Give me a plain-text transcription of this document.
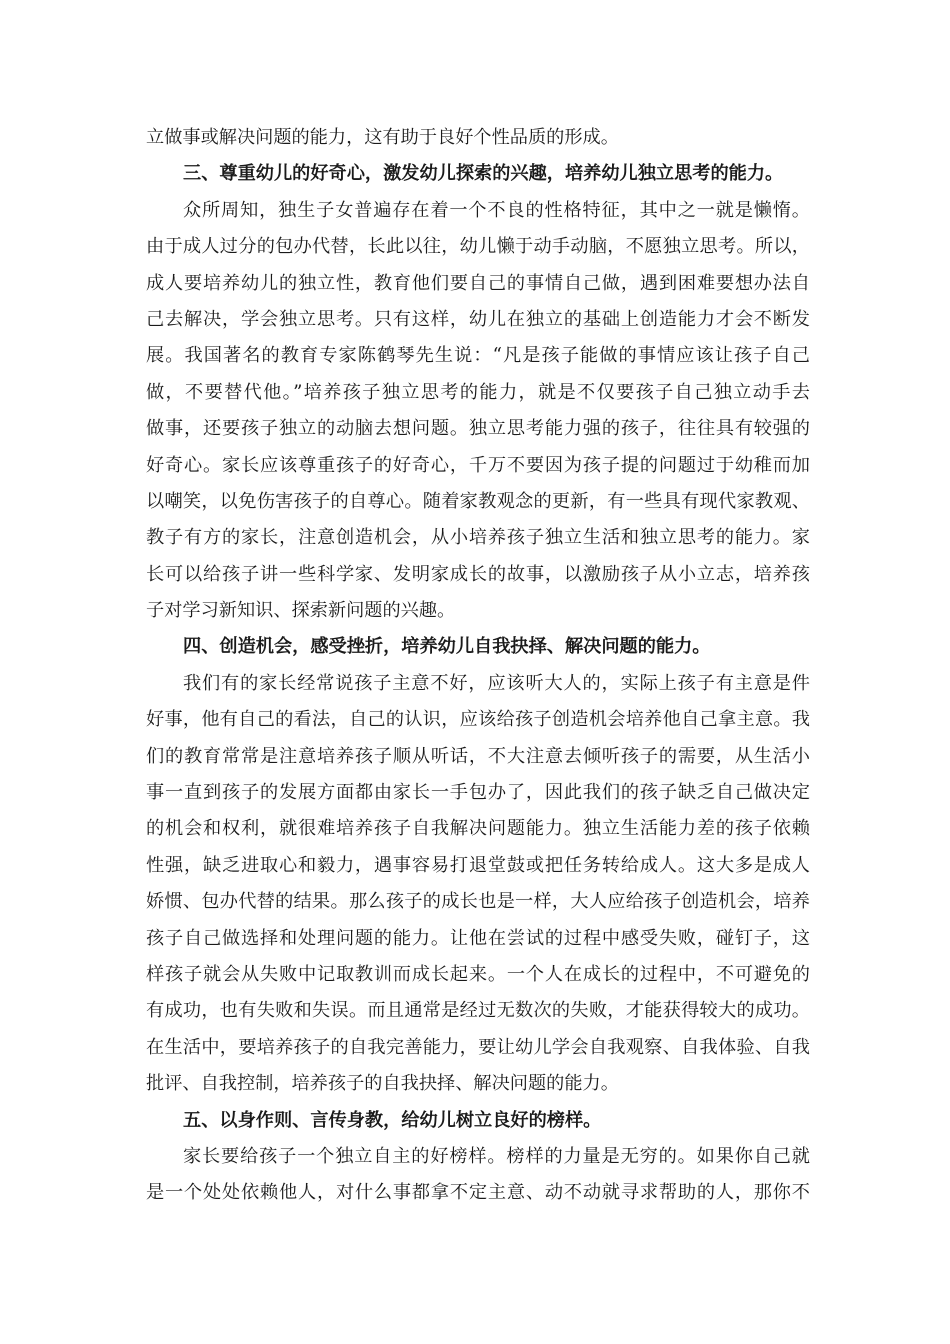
立做事或解决问题的能力，这有助于良好个性品质的形成。
三、尊重幼儿的好奇心，激发幼儿探索的兴趣，培养幼儿独立思考的能力。
众所周知，独生子女普遍存在着一个不良的性格特征，其中之一就是懒惰。
由于成人过分的包办代替，长此以往，幼儿懒于动手动脑，不愿独立思考。所以，
成人要培养幼儿的独立性，教育他们要自己的事情自己做，遇到困难要想办法自
己去解决，学会独立思考。只有这样，幼儿在独立的基础上创造能力才会不断发
展。我国著名的教育专家陈鹤琴先生说：“凡是孩子能做的事情应该让孩子自己
做，不要替代他。”培养孩子独立思考的能力，就是不仅要孩子自己独立动手去
做事，还要孩子独立的动脑去想问题。独立思考能力强的孩子，往往具有较强的
好奇心。家长应该尊重孩子的好奇心，千万不要因为孩子提的问题过于幼稚而加
以嘲笑，以免伤害孩子的自尊心。随着家教观念的更新，有一些具有现代家教观、
教子有方的家长，注意创造机会，从小培养孩子独立生活和独立思考的能力。家
长可以给孩子讲一些科学家、发明家成长的故事，以激励孩子从小立志，培养孩
子对学习新知识、探索新问题的兴趣。
四、创造机会，感受挫折，培养幼儿自我抉择、解决问题的能力。
我们有的家长经常说孩子主意不好，应该听大人的，实际上孩子有主意是件
好事，他有自己的看法，自己的认识，应该给孩子创造机会培养他自己拿主意。我
们的教育常常是注意培养孩子顺从听话，不大注意去倾听孩子的需要，从生活小
事一直到孩子的发展方面都由家长一手包办了，因此我们的孩子缺乏自己做决定
的机会和权利，就很难培养孩子自我解决问题能力。独立生活能力差的孩子依赖
性强，缺乏进取心和毅力，遇事容易打退堂鼓或把任务转给成人。这大多是成人
娇惯、包办代替的结果。那么孩子的成长也是一样，大人应给孩子创造机会，培养
孩子自己做选择和处理问题的能力。让他在尝试的过程中感受失败，碰钉子，这
样孩子就会从失败中记取教训而成长起来。一个人在成长的过程中，不可避免的
有成功，也有失败和失误。而且通常是经过无数次的失败，才能获得较大的成功。
在生活中，要培养孩子的自我完善能力，要让幼儿学会自我观察、自我体验、自我
批评、自我控制，培养孩子的自我抉择、解决问题的能力。
五、以身作则、言传身教，给幼儿树立良好的榜样。
家长要给孩子一个独立自主的好榜样。榜样的力量是无穷的。如果你自己就
是一个处处依赖他人，对什么事都拿不定主意、动不动就寻求帮助的人，那你不
